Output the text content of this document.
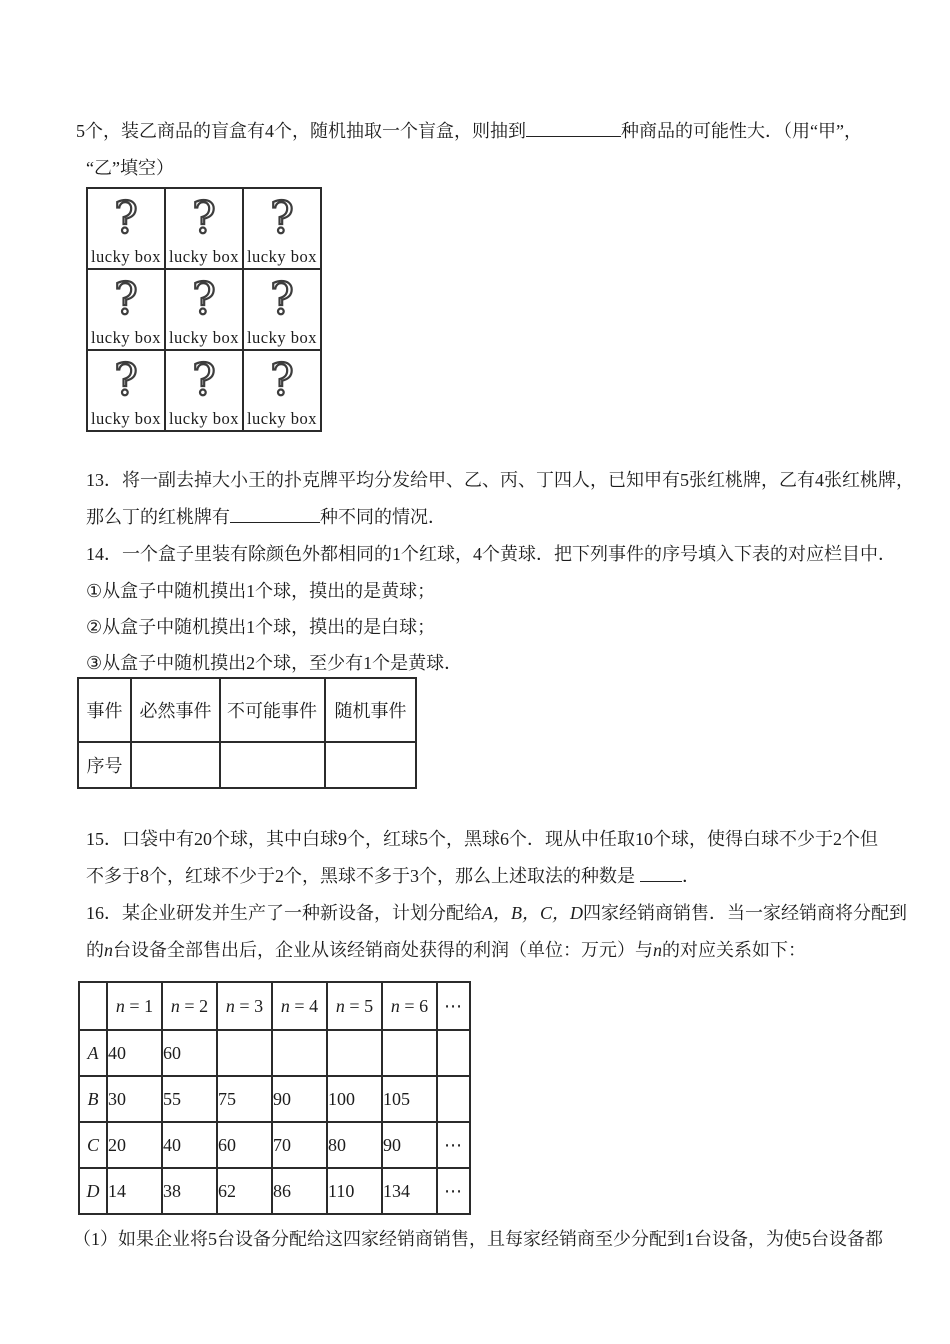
5个，装乙商品的盲盒有4个，随机抽取一个盲盒，则抽到	种商品的可能性大．（用“甲”，
“乙”填空）
?
lucky box	?
lucky box	?
lucky box

?
lucky box	?
lucky box	?
lucky box

?
lucky box	?
lucky box	?
lucky box
13．将一副去掉大小王的扑克牌平均分发给甲、乙、丙、丁四人，已知甲有5张红桃牌，乙有4张红桃牌，
那么丁的红桃牌有	种不同的情况．
14．一个盒子里装有除颜色外都相同的1个红球，4个黄球．把下列事件的序号填入下表的对应栏目中．
①从盒子中随机摸出1个球，摸出的是黄球；
②从盒子中随机摸出1个球，摸出的是白球；
③从盒子中随机摸出2个球，至少有1个是黄球．
事件	必然事件	不可能事件	随机事件
序号			
15．口袋中有20个球，其中白球9个，红球5个，黑球6个．现从中任取10个球，使得白球不少于2个但
不多于8个，红球不少于2个，黑球不多于3个，那么上述取法的种数是	．
16．某企业研发并生产了一种新设备，计划分配给A，B，C，D四家经销商销售．当一家经销商将分配到
的n台设备全部售出后，企业从该经销商处获得的利润（单位：万元）与n的对应关系如下：
	n = 1	n = 2	n = 3	n = 4	n = 5	n = 6	⋯
A	40	60					
B	30	55	75	90	100	105	
C	20	40	60	70	80	90	⋯
D	14	38	62	86	110	134	⋯
（1）如果企业将5台设备分配给这四家经销商销售，且每家经销商至少分配到1台设备，为使5台设备都
